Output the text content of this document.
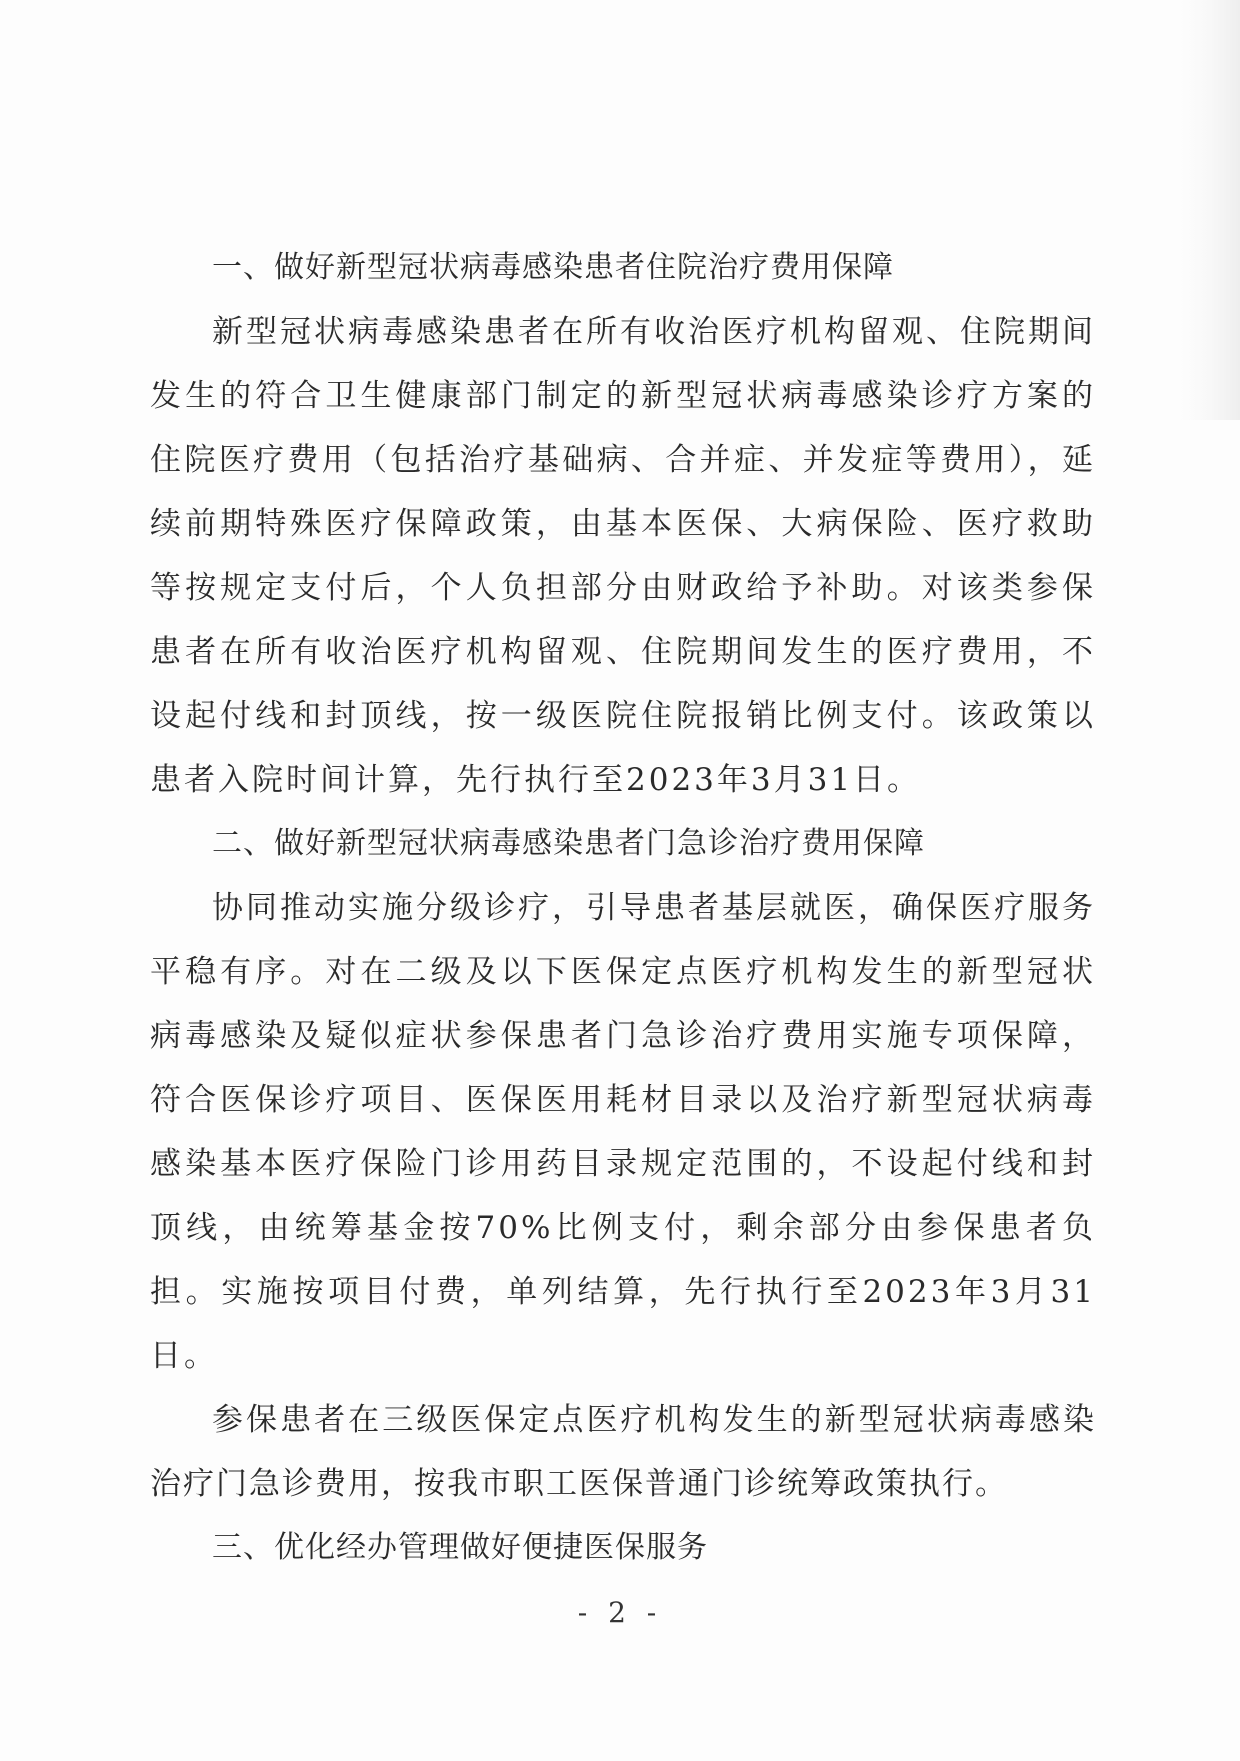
一、做好新型冠状病毒感染患者住院治疗费用保障

新型冠状病毒感染患者在所有收治医疗机构留观、住院期间发生的符合卫生健康部门制定的新型冠状病毒感染诊疗方案的住院医疗费用（包括治疗基础病、合并症、并发症等费用），延续前期特殊医疗保障政策，由基本医保、大病保险、医疗救助等按规定支付后，个人负担部分由财政给予补助。对该类参保患者在所有收治医疗机构留观、住院期间发生的医疗费用，不设起付线和封顶线，按一级医院住院报销比例支付。该政策以患者入院时间计算，先行执行至2023年3月31日。

二、做好新型冠状病毒感染患者门急诊治疗费用保障

协同推动实施分级诊疗，引导患者基层就医，确保医疗服务平稳有序。对在二级及以下医保定点医疗机构发生的新型冠状病毒感染及疑似症状参保患者门急诊治疗费用实施专项保障，符合医保诊疗项目、医保医用耗材目录以及治疗新型冠状病毒感染基本医疗保险门诊用药目录规定范围的，不设起付线和封顶线，由统筹基金按70%比例支付，剩余部分由参保患者负担。实施按项目付费，单列结算，先行执行至2023年3月31日。

参保患者在三级医保定点医疗机构发生的新型冠状病毒感染治疗门急诊费用，按我市职工医保普通门诊统筹政策执行。

三、优化经办管理做好便捷医保服务
- 2 -
